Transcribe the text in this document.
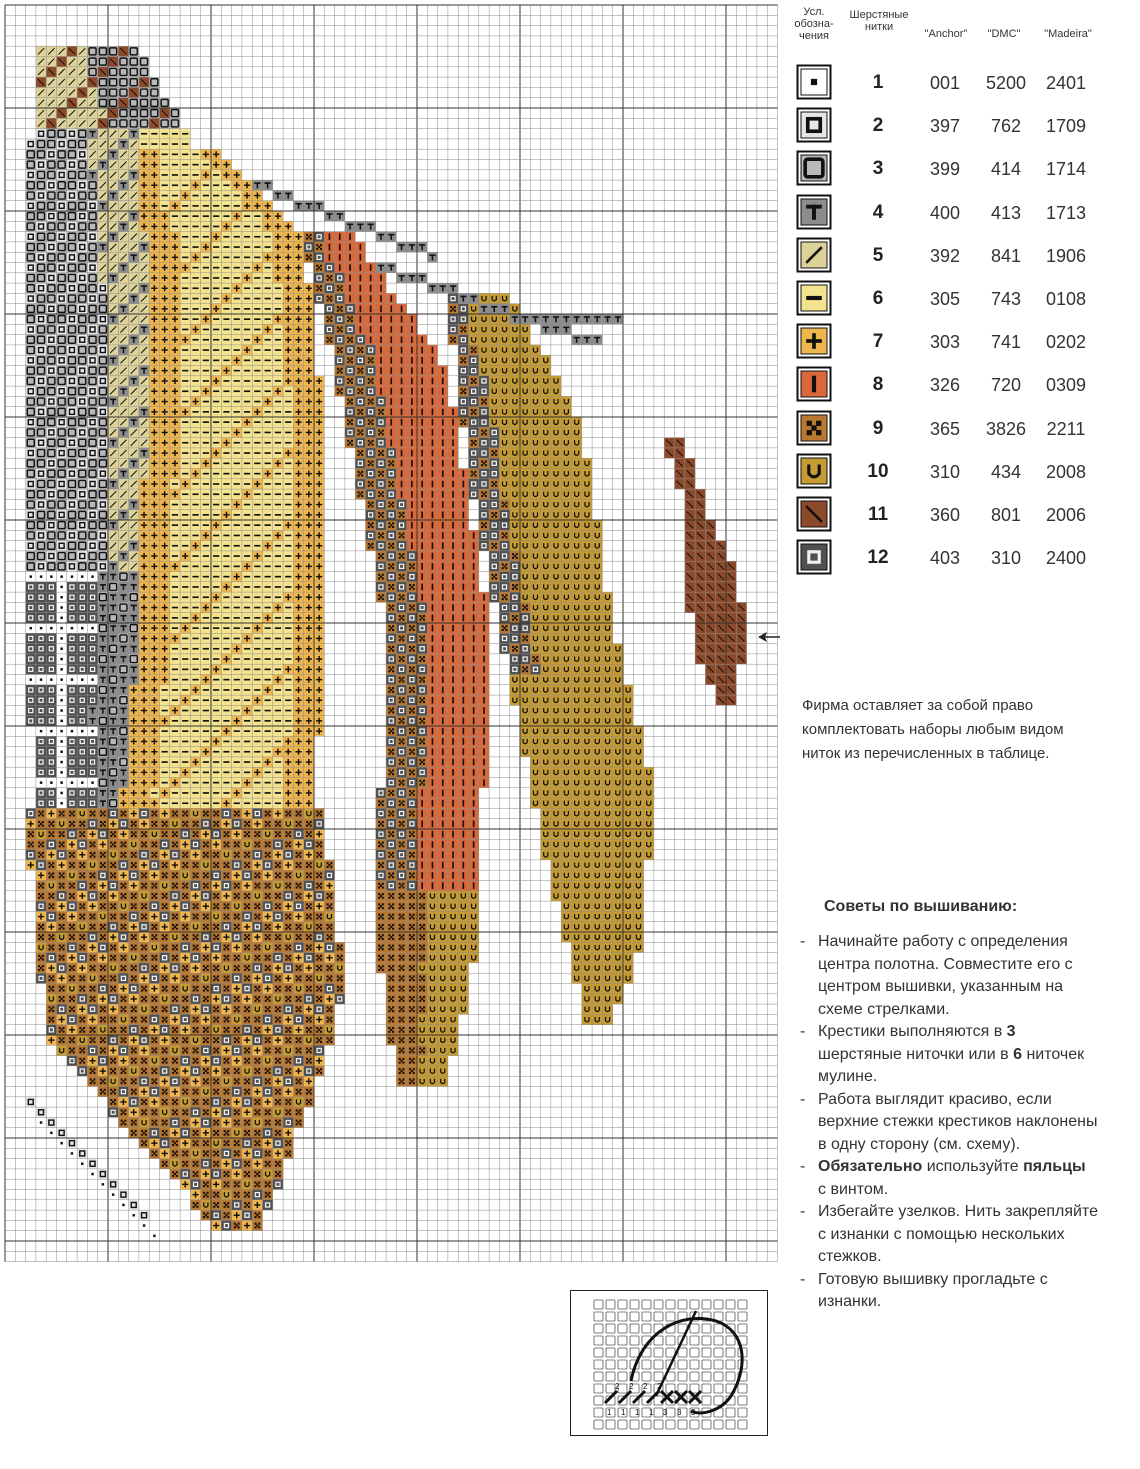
Усл.
обозна-
чения
Шерстяные
нитки
"Anchor"	"DMC"	"Madeira"
1	001	5200	2401
2	397	762	1709
3	399	414	1714
4	400	413	1713
5	392	841	1906
6	305	743	0108
7	303	741	0202
8	326	720	0309
9	365	3826	2211
10	310	434	2008
11	360	801	2006
12	403	310	2400
Фирма оставляет за собой право комплектовать наборы любым видом ниток из перечисленных в таблице.
Советы по вышиванию:
- Начинайте работу с определения центра полотна. Совместите его с центром вышивки, указанным на схеме стрелками.
- Крестики выполняются в 3 шерстяные ниточки или в 6 ниточек мулине.
- Работа выглядит красиво, если верхние стежки крестиков наклонены в одну сторону (см. схему).
- Обязательно используйте пяльцы с винтом.
- Избегайте узелков. Нить закрепляйте с изнанки с помощью нескольких стежков.
- Готовую вышивку прогладьте с изнанки.
2 2 2 2
1 1 1 1 3 3 3
